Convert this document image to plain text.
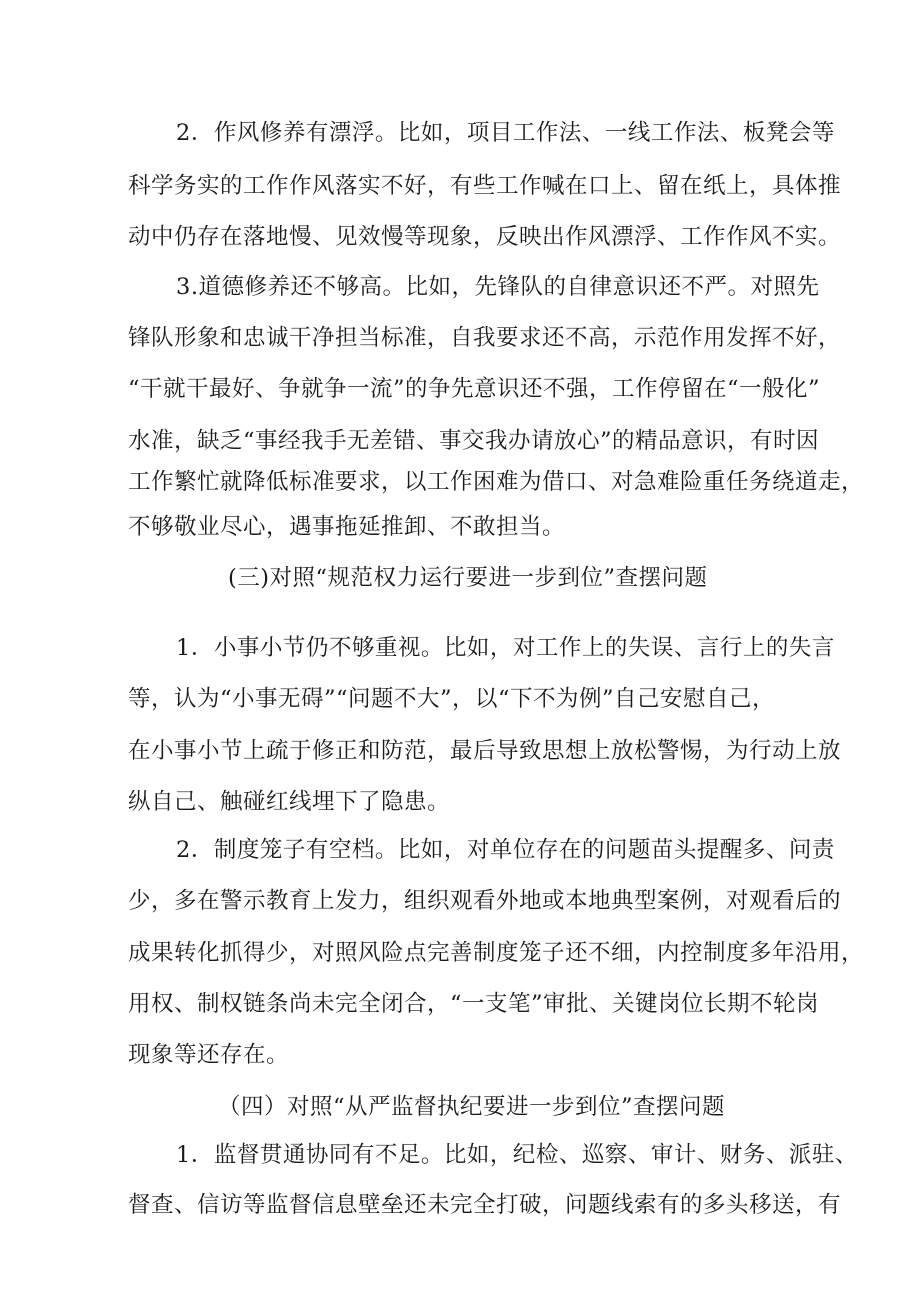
2．作风修养有漂浮。比如，项目工作法、一线工作法、板凳会等
科学务实的工作作风落实不好，有些工作喊在口上、留在纸上，具体推
动中仍存在落地慢、见效慢等现象，反映出作风漂浮、工作作风不实。
3.道德修养还不够高。比如，先锋队的自律意识还不严。对照先
锋队形象和忠诚干净担当标准，自我要求还不高，示范作用发挥不好，
“干就干最好、争就争一流”的争先意识还不强，工作停留在“一般化”
水准，缺乏“事经我手无差错、事交我办请放心”的精品意识，有时因
工作繁忙就降低标准要求，以工作困难为借口、对急难险重任务绕道走，
不够敬业尽心，遇事拖延推卸、不敢担当。
(三)对照“规范权力运行要进一步到位”查摆问题
1．小事小节仍不够重视。比如，对工作上的失误、言行上的失言
等，认为“小事无碍”“问题不大”，以“下不为例”自己安慰自己，
在小事小节上疏于修正和防范，最后导致思想上放松警惕，为行动上放
纵自己、触碰红线埋下了隐患。
2．制度笼子有空档。比如，对单位存在的问题苗头提醒多、问责
少，多在警示教育上发力，组织观看外地或本地典型案例，对观看后的
成果转化抓得少，对照风险点完善制度笼子还不细，内控制度多年沿用，
用权、制权链条尚未完全闭合，“一支笔”审批、关键岗位长期不轮岗
现象等还存在。
（四）对照“从严监督执纪要进一步到位”查摆问题
1．监督贯通协同有不足。比如，纪检、巡察、审计、财务、派驻、
督查、信访等监督信息壁垒还未完全打破，问题线索有的多头移送，有
